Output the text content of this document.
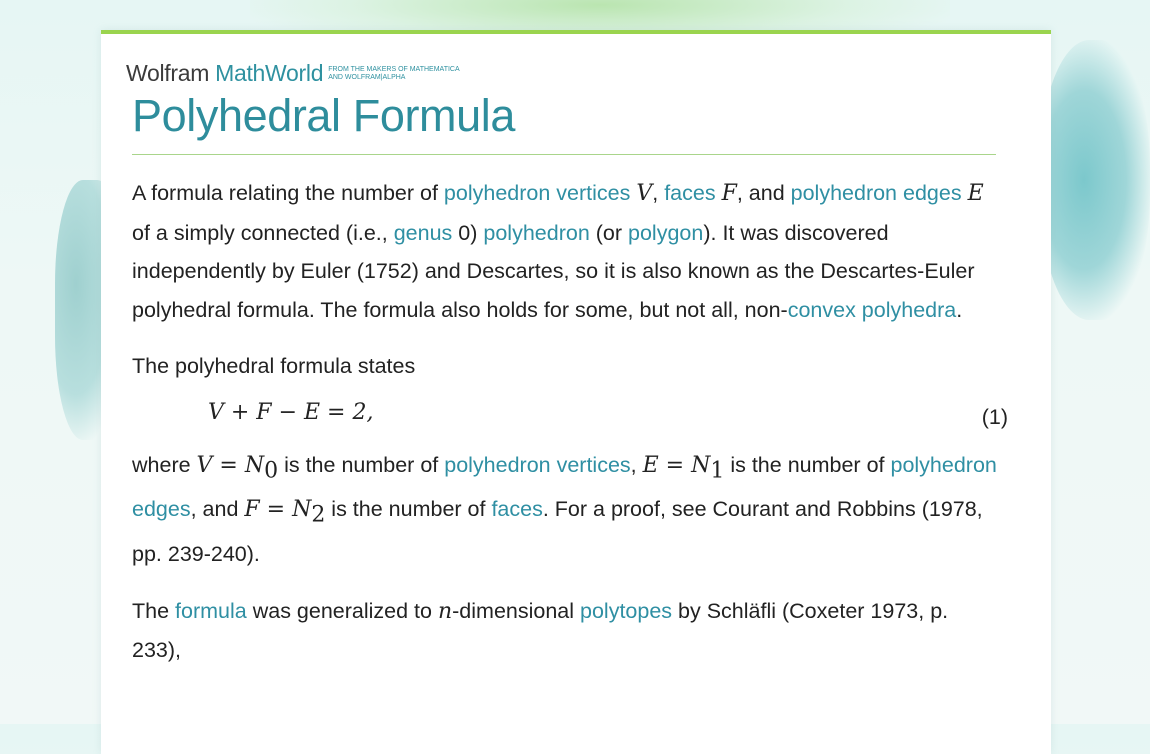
Wolfram MathWorld FROM THE MAKERS OF MATHEMATICA
AND WOLFRAM|ALPHA
Polyhedral Formula

A formula relating the number of polyhedron vertices V, faces F, and polyhedron edges E of a simply connected (i.e., genus 0) polyhedron (or polygon). It was discovered independently by Euler (1752) and Descartes, so it is also known as the Descartes-Euler polyhedral formula. The formula also holds for some, but not all, non-convex polyhedra.

The polyhedral formula states

V + F − E = 2,	(1)

where $V = N_0$ is the number of polyhedron vertices, $E = N_1$ is the number of polyhedron edges, and $F = N_2$ is the number of faces. For a proof, see Courant and Robbins (1978, pp. 239-240).

The formula was generalized to n-dimensional polytopes by Schläfli (Coxeter 1973, p. 233),
